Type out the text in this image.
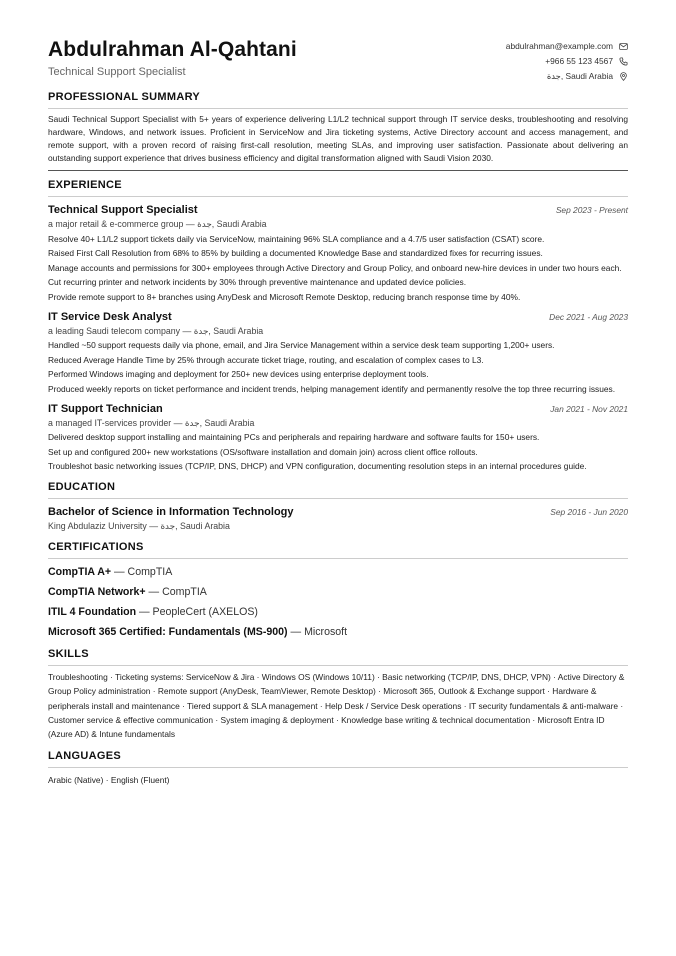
Abdulrahman Al-Qahtani
Technical Support Specialist
abdulrahman@example.com
+966 55 123 4567
جدة, Saudi Arabia
PROFESSIONAL SUMMARY
Saudi Technical Support Specialist with 5+ years of experience delivering L1/L2 technical support through IT service desks, troubleshooting and resolving hardware, Windows, and network issues. Proficient in ServiceNow and Jira ticketing systems, Active Directory account and access management, and remote support, with a proven record of raising first-call resolution, meeting SLAs, and improving user satisfaction. Passionate about delivering an outstanding support experience that drives business efficiency and digital transformation aligned with Saudi Vision 2030.
EXPERIENCE
Technical Support Specialist	Sep 2023 - Present
a major retail & e-commerce group — جدة, Saudi Arabia
Resolve 40+ L1/L2 support tickets daily via ServiceNow, maintaining 96% SLA compliance and a 4.7/5 user satisfaction (CSAT) score.
Raised First Call Resolution from 68% to 85% by building a documented Knowledge Base and standardized fixes for recurring issues.
Manage accounts and permissions for 300+ employees through Active Directory and Group Policy, and onboard new-hire devices in under two hours each.
Cut recurring printer and network incidents by 30% through preventive maintenance and updated device policies.
Provide remote support to 8+ branches using AnyDesk and Microsoft Remote Desktop, reducing branch response time by 40%.
IT Service Desk Analyst	Dec 2021 - Aug 2023
a leading Saudi telecom company — جدة, Saudi Arabia
Handled ~50 support requests daily via phone, email, and Jira Service Management within a service desk team supporting 1,200+ users.
Reduced Average Handle Time by 25% through accurate ticket triage, routing, and escalation of complex cases to L3.
Performed Windows imaging and deployment for 250+ new devices using enterprise deployment tools.
Produced weekly reports on ticket performance and incident trends, helping management identify and permanently resolve the top three recurring issues.
IT Support Technician	Jan 2021 - Nov 2021
a managed IT-services provider — جدة, Saudi Arabia
Delivered desktop support installing and maintaining PCs and peripherals and repairing hardware and software faults for 150+ users.
Set up and configured 200+ new workstations (OS/software installation and domain join) across client office rollouts.
Troubleshot basic networking issues (TCP/IP, DNS, DHCP) and VPN configuration, documenting resolution steps in an internal procedures guide.
EDUCATION
Bachelor of Science in Information Technology	Sep 2016 - Jun 2020
King Abdulaziz University — جدة, Saudi Arabia
CERTIFICATIONS
CompTIA A+ — CompTIA
CompTIA Network+ — CompTIA
ITIL 4 Foundation — PeopleCert (AXELOS)
Microsoft 365 Certified: Fundamentals (MS-900) — Microsoft
SKILLS
Troubleshooting · Ticketing systems: ServiceNow & Jira · Windows OS (Windows 10/11) · Basic networking (TCP/IP, DNS, DHCP, VPN) · Active Directory & Group Policy administration · Remote support (AnyDesk, TeamViewer, Remote Desktop) · Microsoft 365, Outlook & Exchange support · Hardware & peripherals install and maintenance · Tiered support & SLA management · Help Desk / Service Desk operations · IT security fundamentals & anti-malware · Customer service & effective communication · System imaging & deployment · Knowledge base writing & technical documentation · Microsoft Entra ID (Azure AD) & Intune fundamentals
LANGUAGES
Arabic (Native) · English (Fluent)
